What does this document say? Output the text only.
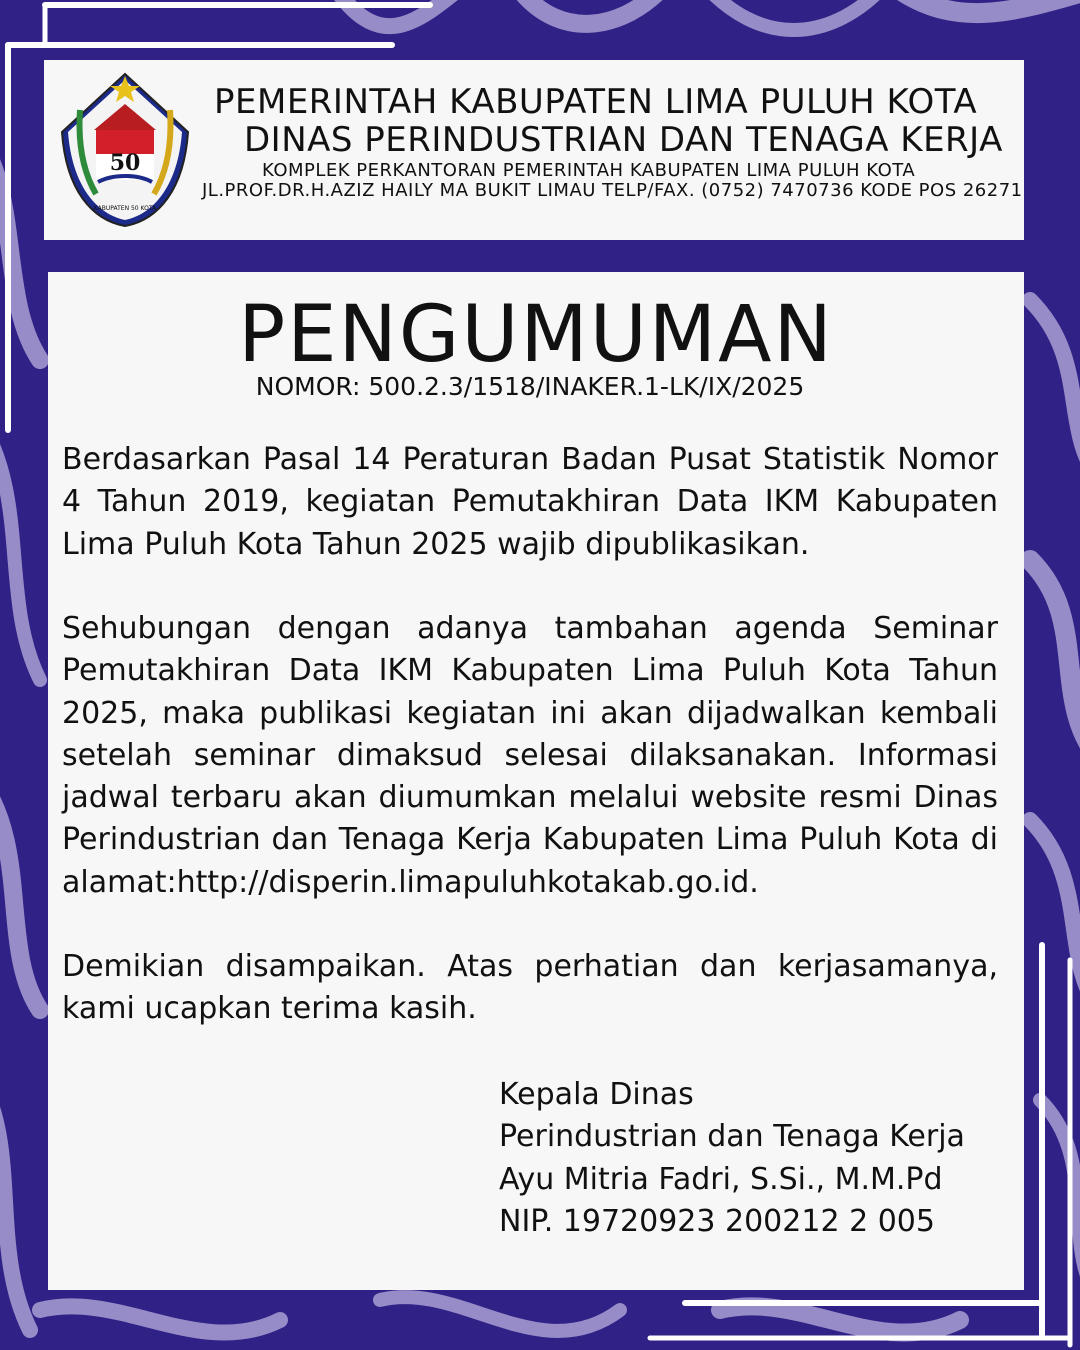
50
KABUPATEN 50 KOTA
PEMERINTAH KABUPATEN LIMA PULUH KOTA
DINAS PERINDUSTRIAN DAN TENAGA KERJA
KOMPLEK PERKANTORAN PEMERINTAH KABUPATEN LIMA PULUH KOTA
JL.PROF.DR.H.AZIZ HAILY MA BUKIT LIMAU TELP/FAX. (0752) 7470736 KODE POS 26271
PENGUMUMAN
NOMOR: 500.2.3/1518/INAKER.1-LK/IX/2025

Berdasarkan Pasal 14 Peraturan Badan Pusat Statistik Nomor 4 Tahun 2019, kegiatan Pemutakhiran Data IKM Kabupaten Lima Puluh Kota Tahun 2025 wajib dipublikasikan.

Sehubungan dengan adanya tambahan agenda Seminar Pemutakhiran Data IKM Kabupaten Lima Puluh Kota Tahun 2025, maka publikasi kegiatan ini akan dijadwalkan kembali setelah seminar dimaksud selesai dilaksanakan. Informasi jadwal terbaru akan diumumkan melalui website resmi Dinas Perindustrian dan Tenaga Kerja Kabupaten Lima Puluh Kota di alamat:http://disperin.limapuluhkotakab.go.id.

Demikian disampaikan. Atas perhatian dan kerjasamanya, kami ucapkan terima kasih.

Kepala Dinas
Perindustrian dan Tenaga Kerja
Ayu Mitria Fadri, S.Si., M.M.Pd
NIP. 19720923 200212 2 005
